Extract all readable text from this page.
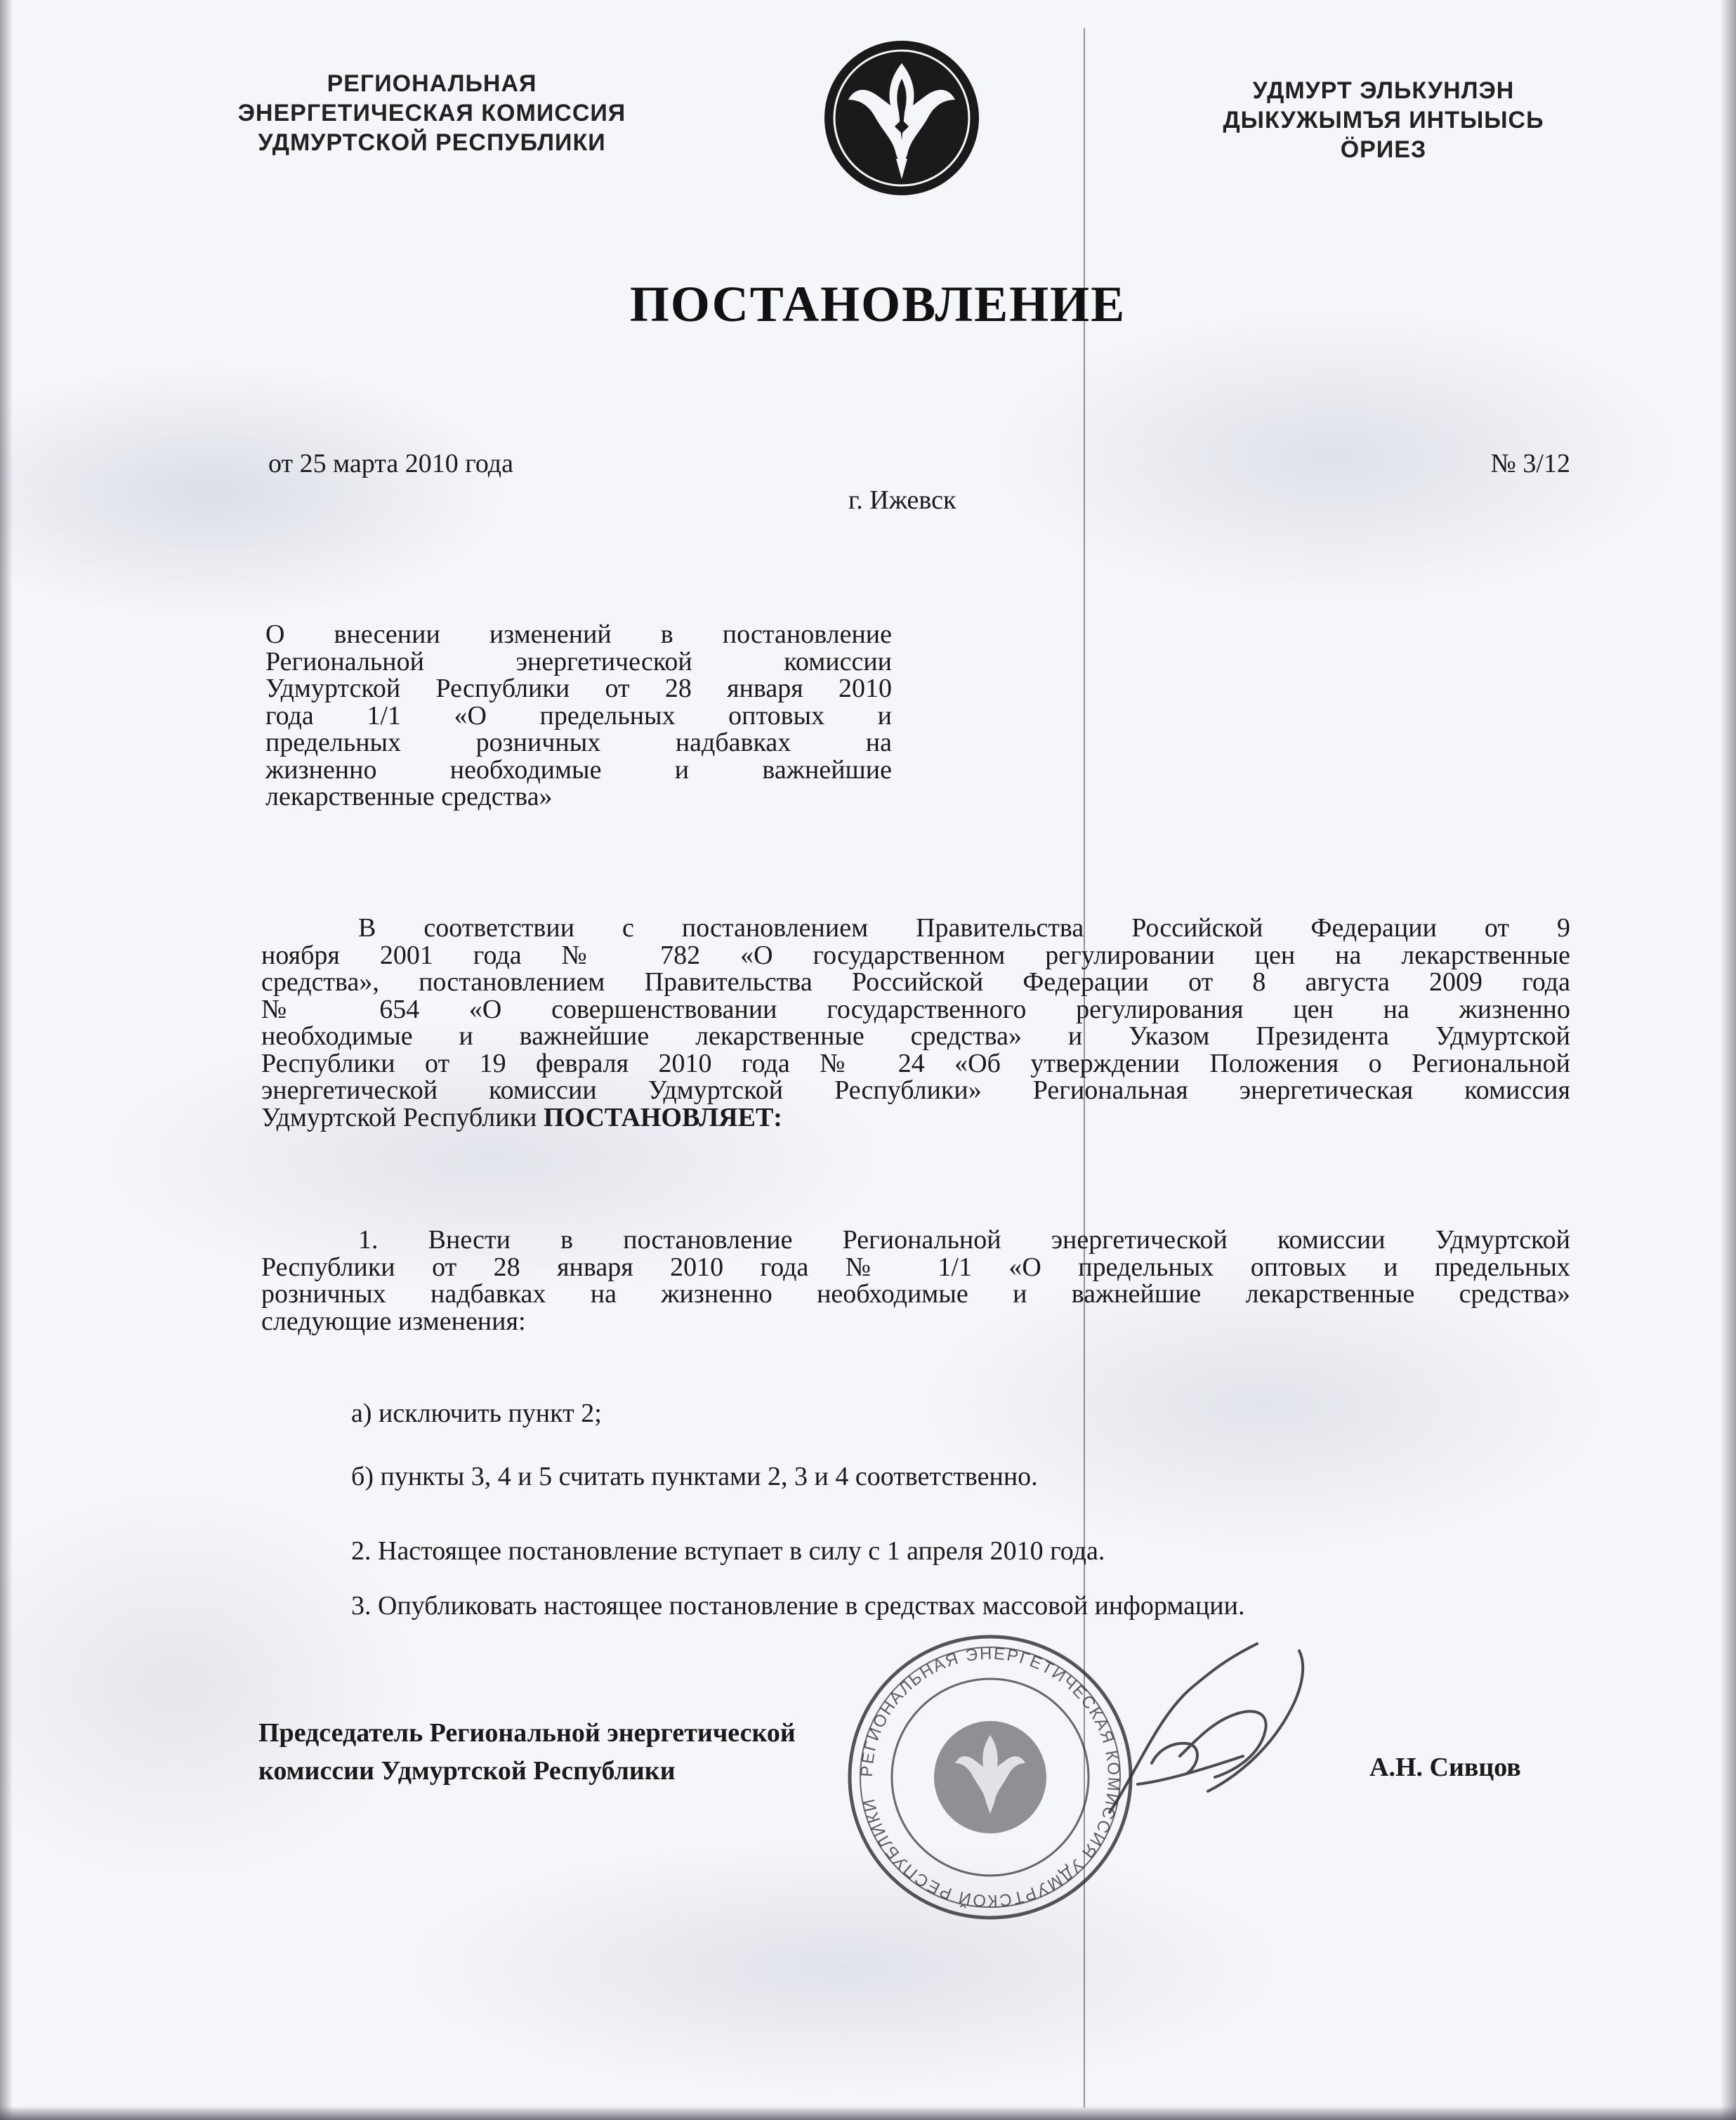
РЕГИОНАЛЬНАЯ
ЭНЕРГЕТИЧЕСКАЯ КОМИССИЯ
УДМУРТСКОЙ РЕСПУБЛИКИ
УДМУРТ ЭЛЬКУНЛЭН
ДЫКУЖЫМЪЯ ИНТЫЫСЬ
ӦРИЕЗ
ПОСТАНОВЛЕНИЕ
от 25 марта 2010 года	№ 3/12
г. Ижевск
О внесении изменений в постановление
Региональной энергетической комиссии
Удмуртской Республики от 28 января 2010
года 1/1 «О предельных оптовых и
предельных розничных надбавках на
жизненно необходимые и важнейшие
лекарственные средства»
В соответствии с постановлением Правительства Российской Федерации от 9
ноября 2001 года № 782 «О государственном регулировании цен на лекарственные
средства», постановлением Правительства Российской Федерации от 8 августа 2009 года
№ 654 «О совершенствовании государственного регулирования цен на жизненно
необходимые и важнейшие лекарственные средства» и Указом Президента Удмуртской
Республики от 19 февраля 2010 года № 24 «Об утверждении Положения о Региональной
энергетической комиссии Удмуртской Республики» Региональная энергетическая комиссия
Удмуртской Республики ПОСТАНОВЛЯЕТ:
1. Внести в постановление Региональной энергетической комиссии Удмуртской
Республики от 28 января 2010 года № 1/1 «О предельных оптовых и предельных
розничных надбавках на жизненно необходимые и важнейшие лекарственные средства»
следующие изменения:
а) исключить пункт 2;
б) пункты 3, 4 и 5 считать пунктами 2, 3 и 4 соответственно.
2. Настоящее постановление вступает в силу с 1 апреля 2010 года.
3. Опубликовать настоящее постановление в средствах массовой информации.
Председатель Региональной энергетической
комиссии Удмуртской Республики	РЕГИОНАЛЬНАЯ ЭНЕРГЕТИЧЕСКАЯ КОМИССИЯ УДМУРТСКОЙ РЕСПУБЛИКИ
А.Н. Сивцов
